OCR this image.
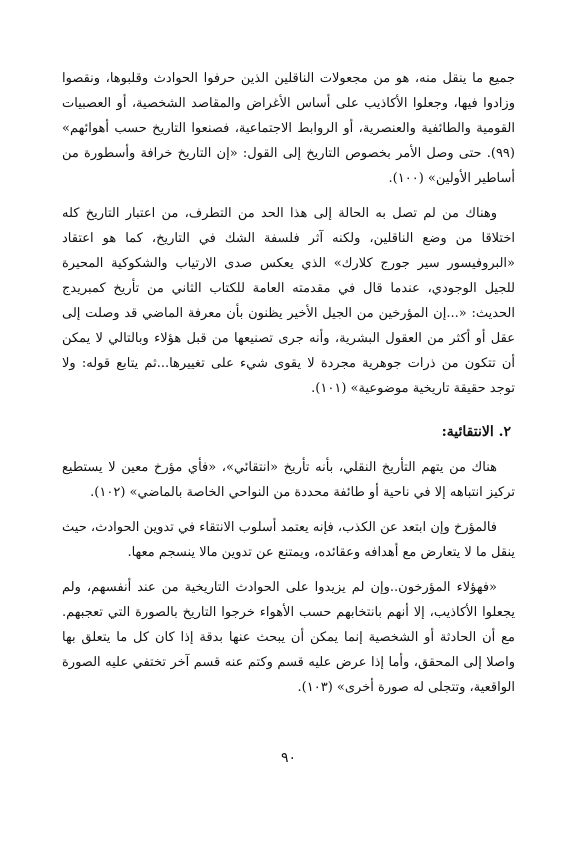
جميع ما ينقل منه، هو من مجعولات الناقلين الذين حرفوا الحوادث وقلبوها، ونقصوا وزادوا فيها، وجعلوا الأكاذيب على أساس الأغراض والمقاصد الشخصية، أو العصبيات القومية والطائفية والعنصرية، أو الروابط الاجتماعية، فصنعوا التاريخ حسب أهوائهم» (٩٩). حتى وصل الأمر بخصوص التاريخ إلى القول: «إن التاريخ خرافة وأسطورة من أساطير الأولين» (١٠٠).

وهناك من لم تصل به الحالة إلى هذا الحد من التطرف، من اعتبار التاريخ كله اختلاقا من وضع الناقلين، ولكنه آثر فلسفة الشك في التاريخ، كما هو اعتقاد «البروفيسور سير جورج كلارك» الذي يعكس صدى الارتياب والشكوكية المحيرة للجيل الوجودي، عندما قال في مقدمته العامة للكتاب الثاني من تأريخ كمبريدج الحديث: «...إن المؤرخين من الجيل الأخير يظنون بأن معرفة الماضي قد وصلت إلى عقل أو أكثر من العقول البشرية، وأنه جرى تصنيعها من قبل هؤلاء وبالتالي لا يمكن أن تتكون من ذرات جوهرية مجردة لا يقوى شيء على تغييرها...ثم يتابع قوله: ولا توجد حقيقة تاريخية موضوعية» (١٠١).

٢. الانتقائية:

هناك من يتهم التأريخ النقلي، بأنه تأريخ «انتقائي»، «فأي مؤرخ معين لا يستطيع تركيز انتباهه إلا في ناحية أو طائفة محددة من النواحي الخاصة بالماضي» (١٠٢).

فالمؤرخ وإن ابتعد عن الكذب، فإنه يعتمد أسلوب الانتقاء في تدوين الحوادث، حيث ينقل ما لا يتعارض مع أهدافه وعقائده، ويمتنع عن تدوين مالا ينسجم معها.

«فهؤلاء المؤرخون..وإن لم يزيدوا على الحوادث التاريخية من عند أنفسهم، ولم يجعلوا الأكاذيب، إلا أنهم بانتخابهم حسب الأهواء خرجوا التاريخ بالصورة التي تعجبهم. مع أن الحادثة أو الشخصية إنما يمكن أن يبحث عنها بدقة إذا كان كل ما يتعلق بها واصلا إلى المحقق، وأما إذا عرض عليه قسم وكتم عنه قسم آخر تختفي عليه الصورة الواقعية، وتتجلى له صورة أخرى» (١٠٣).

٩٠
